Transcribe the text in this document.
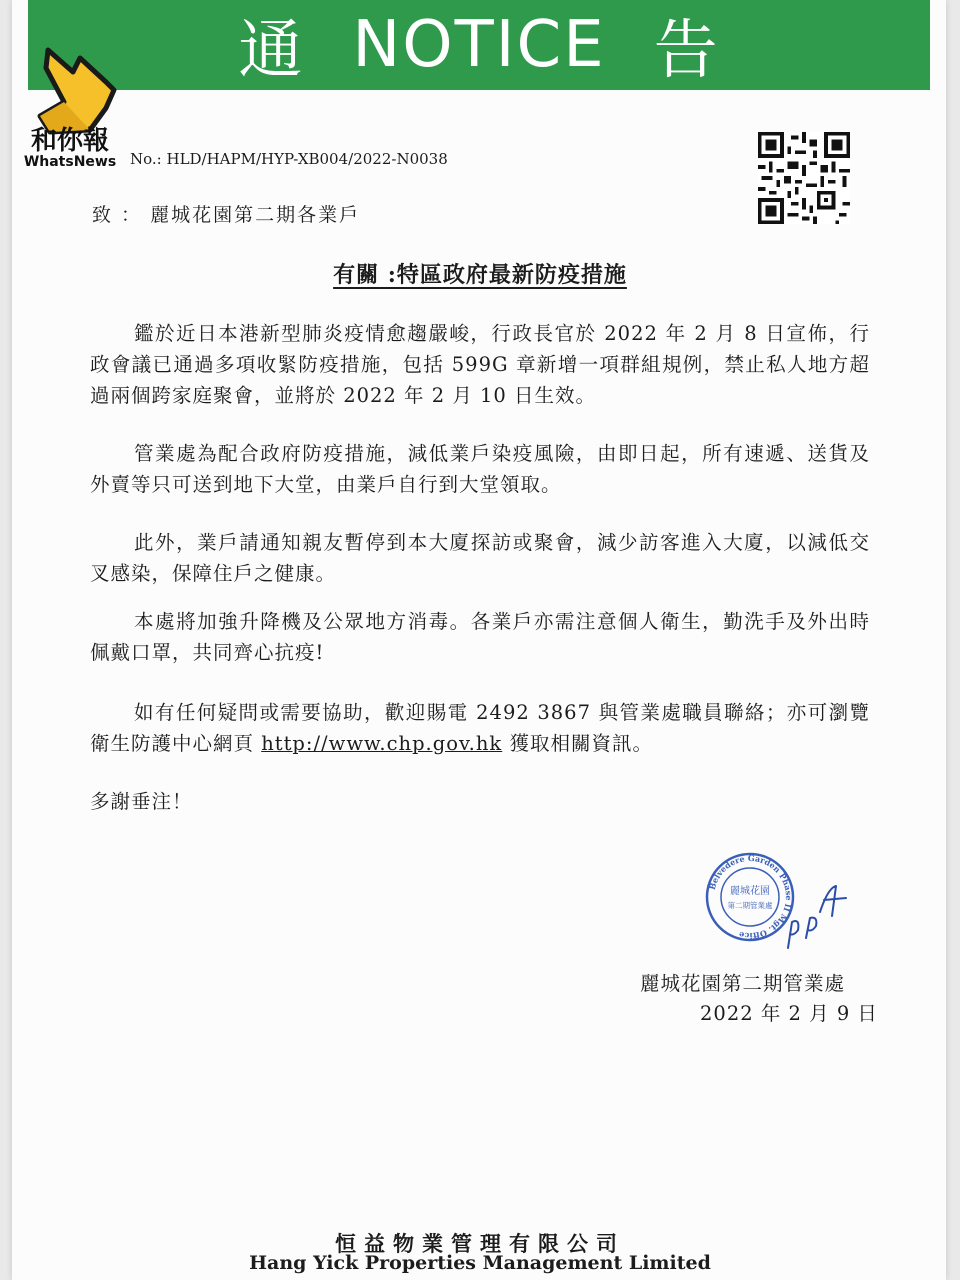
通 NOTICE 告
和你報
WhatsNews No.: HLD/HAPM/HYP-XB004/2022-N0038
致 ： 麗城花園第二期各業戶
有關 :特區政府最新防疫措施
鑑於近日本港新型肺炎疫情愈趨嚴峻，行政長官於 2022 年 2 月 8 日宣佈，行政會議已通過多項收緊防疫措施，包括 599G 章新增一項群組規例，禁止私人地方超過兩個跨家庭聚會，並將於 2022 年 2 月 10 日生效。
管業處為配合政府防疫措施，減低業戶染疫風險，由即日起，所有速遞、送貨及外賣等只可送到地下大堂，由業戶自行到大堂領取。
此外，業戶請通知親友暫停到本大廈探訪或聚會，減少訪客進入大廈，以減低交叉感染，保障住戶之健康。
本處將加強升降機及公眾地方消毒。各業戶亦需注意個人衛生，勤洗手及外出時佩戴口罩，共同齊心抗疫!
如有任何疑問或需要協助，歡迎賜電 2492 3867 與管業處職員聯絡；亦可瀏覽衛生防護中心網頁 http://www.chp.gov.hk 獲取相關資訊。
多謝垂注！
Belvedere Garden Phase II Mgt. Office
麗城花園
第二期管業處
麗城花園第二期管業處
2022 年 2 月 9 日
恒益物業管理有限公司
Hang Yick Properties Management Limited
